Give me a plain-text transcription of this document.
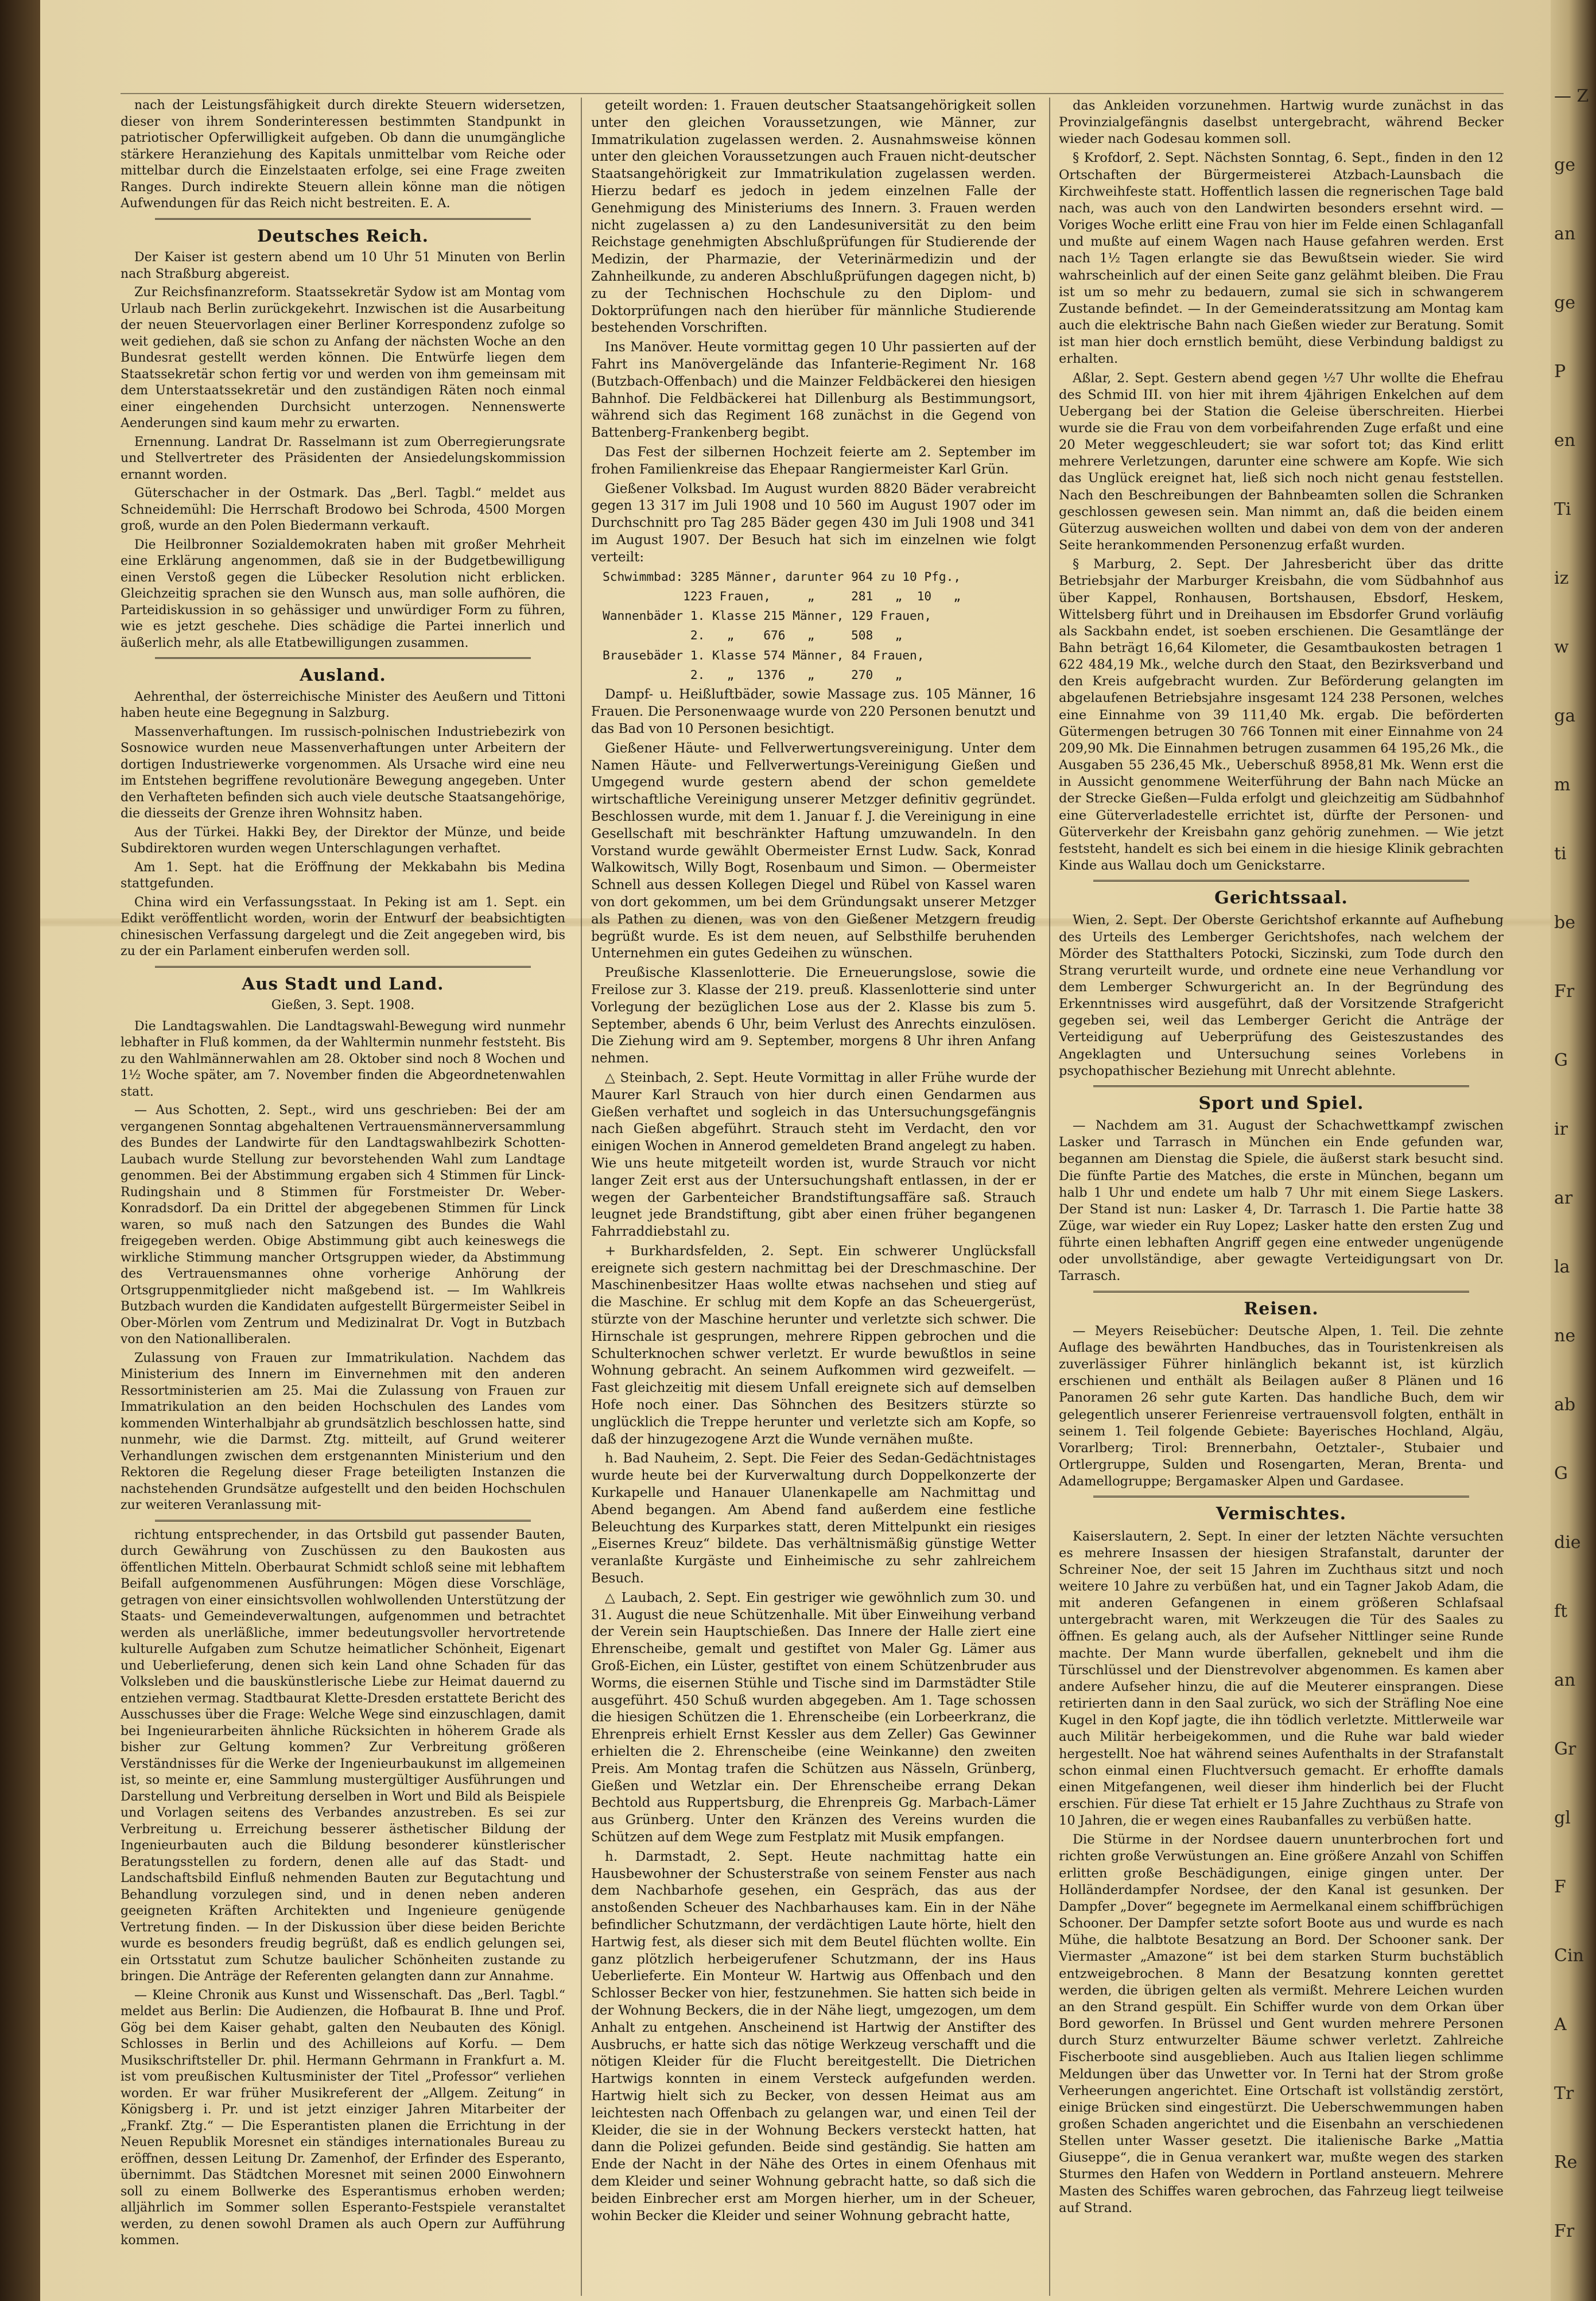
nach der Leistungsfähigkeit durch direkte Steuern widersetzen, dieser von ihrem Sonderinteressen bestimmten Standpunkt in patriotischer Opferwilligkeit aufgeben. Ob dann die unumgängliche stärkere Heranziehung des Kapitals unmittelbar vom Reiche oder mittelbar durch die Einzelstaaten erfolge, sei eine Frage zweiten Ranges. Durch indirekte Steuern allein könne man die nötigen Aufwendungen für das Reich nicht bestreiten. E. A.

Deutsches Reich.

Der Kaiser ist gestern abend um 10 Uhr 51 Minuten von Berlin nach Straßburg abgereist.

Zur Reichsfinanzreform. Staatssekretär Sydow ist am Montag vom Urlaub nach Berlin zurückgekehrt. Inzwischen ist die Ausarbeitung der neuen Steuervorlagen einer Berliner Korrespondenz zufolge so weit gediehen, daß sie schon zu Anfang der nächsten Woche an den Bundesrat gestellt werden können. Die Entwürfe liegen dem Staatssekretär schon fertig vor und werden von ihm gemeinsam mit dem Unterstaatssekretär und den zuständigen Räten noch einmal einer eingehenden Durchsicht unterzogen. Nennenswerte Aenderungen sind kaum mehr zu erwarten.

Ernennung. Landrat Dr. Rasselmann ist zum Oberregierungsrate und Stellvertreter des Präsidenten der Ansiedelungskommission ernannt worden.

Güterschacher in der Ostmark. Das „Berl. Tagbl.“ meldet aus Schneidemühl: Die Herrschaft Brodowo bei Schroda, 4500 Morgen groß, wurde an den Polen Biedermann verkauft.

Die Heilbronner Sozialdemokraten haben mit großer Mehrheit eine Erklärung angenommen, daß sie in der Budgetbewilligung einen Verstoß gegen die Lübecker Resolution nicht erblicken. Gleichzeitig sprachen sie den Wunsch aus, man solle aufhören, die Parteidiskussion in so gehässiger und unwürdiger Form zu führen, wie es jetzt geschehe. Dies schädige die Partei innerlich und äußerlich mehr, als alle Etatbewilligungen zusammen.

Ausland.

Aehrenthal, der österreichische Minister des Aeußern und Tittoni haben heute eine Begegnung in Salzburg.

Massenverhaftungen. Im russisch-polnischen Industriebezirk von Sosnowice wurden neue Massenverhaftungen unter Arbeitern der dortigen Industriewerke vorgenommen. Als Ursache wird eine neu im Entstehen begriffene revolutionäre Bewegung angegeben. Unter den Verhafteten befinden sich auch viele deutsche Staatsangehörige, die diesseits der Grenze ihren Wohnsitz haben.

Aus der Türkei. Hakki Bey, der Direktor der Münze, und beide Subdirektoren wurden wegen Unterschlagungen verhaftet.

Am 1. Sept. hat die Eröffnung der Mekkabahn bis Medina stattgefunden.

China wird ein Verfassungsstaat. In Peking ist am 1. Sept. ein Edikt veröffentlicht worden, worin der Entwurf der beabsichtigten chinesischen Verfassung dargelegt und die Zeit angegeben wird, bis zu der ein Parlament einberufen werden soll.

Aus Stadt und Land.
Gießen, 3. Sept. 1908.

Die Landtagswahlen. Die Landtagswahl-Bewegung wird nunmehr lebhafter in Fluß kommen, da der Wahltermin nunmehr feststeht. Bis zu den Wahlmännerwahlen am 28. Oktober sind noch 8 Wochen und 1½ Woche später, am 7. November finden die Abgeordnetenwahlen statt.

— Aus Schotten, 2. Sept., wird uns geschrieben: Bei der am vergangenen Sonntag abgehaltenen Vertrauensmännerversammlung des Bundes der Landwirte für den Landtagswahlbezirk Schotten-Laubach wurde Stellung zur bevorstehenden Wahl zum Landtage genommen. Bei der Abstimmung ergaben sich 4 Stimmen für Linck-Rudingshain und 8 Stimmen für Forstmeister Dr. Weber-Konradsdorf. Da ein Drittel der abgegebenen Stimmen für Linck waren, so muß nach den Satzungen des Bundes die Wahl freigegeben werden. Obige Abstimmung gibt auch keineswegs die wirkliche Stimmung mancher Ortsgruppen wieder, da Abstimmung des Vertrauensmannes ohne vorherige Anhörung der Ortsgruppenmitglieder nicht maßgebend ist. — Im Wahlkreis Butzbach wurden die Kandidaten aufgestellt Bürgermeister Seibel in Ober-Mörlen vom Zentrum und Medizinalrat Dr. Vogt in Butzbach von den Nationalliberalen.

Zulassung von Frauen zur Immatrikulation. Nachdem das Ministerium des Innern im Einvernehmen mit den anderen Ressortministerien am 25. Mai die Zulassung von Frauen zur Immatrikulation an den beiden Hochschulen des Landes vom kommenden Winterhalbjahr ab grundsätzlich beschlossen hatte, sind nunmehr, wie die Darmst. Ztg. mitteilt, auf Grund weiterer Verhandlungen zwischen dem erstgenannten Ministerium und den Rektoren die Regelung dieser Frage beteiligten Instanzen die nachstehenden Grundsätze aufgestellt und den beiden Hochschulen zur weiteren Veranlassung mit-

richtung entsprechender, in das Ortsbild gut passender Bauten, durch Gewährung von Zuschüssen zu den Baukosten aus öffentlichen Mitteln. Oberbaurat Schmidt schloß seine mit lebhaftem Beifall aufgenommenen Ausführungen: Mögen diese Vorschläge, getragen von einer einsichtsvollen wohlwollenden Unterstützung der Staats- und Gemeindeverwaltungen, aufgenommen und betrachtet werden als unerläßliche, immer bedeutungsvoller hervortretende kulturelle Aufgaben zum Schutze heimatlicher Schönheit, Eigenart und Ueberlieferung, denen sich kein Land ohne Schaden für das Volksleben und die bauskünstlerische Liebe zur Heimat dauernd zu entziehen vermag. Stadtbaurat Klette-Dresden erstattete Bericht des Ausschusses über die Frage: Welche Wege sind einzuschlagen, damit bei Ingenieurarbeiten ähnliche Rücksichten in höherem Grade als bisher zur Geltung kommen? Zur Verbreitung größeren Verständnisses für die Werke der Ingenieurbaukunst im allgemeinen ist, so meinte er, eine Sammlung mustergültiger Ausführungen und Darstellung und Verbreitung derselben in Wort und Bild als Beispiele und Vorlagen seitens des Verbandes anzustreben. Es sei zur Verbreitung u. Erreichung besserer ästhetischer Bildung der Ingenieurbauten auch die Bildung besonderer künstlerischer Beratungsstellen zu fordern, denen alle auf das Stadt- und Landschaftsbild Einfluß nehmenden Bauten zur Begutachtung und Behandlung vorzulegen sind, und in denen neben anderen geeigneten Kräften Architekten und Ingenieure genügende Vertretung finden. — In der Diskussion über diese beiden Berichte wurde es besonders freudig begrüßt, daß es endlich gelungen sei, ein Ortsstatut zum Schutze baulicher Schönheiten zustande zu bringen. Die Anträge der Referenten gelangten dann zur Annahme.

— Kleine Chronik aus Kunst und Wissenschaft. Das „Berl. Tagbl.“ meldet aus Berlin: Die Audienzen, die Hofbaurat B. Ihne und Prof. Gög bei dem Kaiser gehabt, galten den Neubauten des Königl. Schlosses in Berlin und des Achilleions auf Korfu. — Dem Musikschriftsteller Dr. phil. Hermann Gehrmann in Frankfurt a. M. ist vom preußischen Kultusminister der Titel „Professor“ verliehen worden. Er war früher Musikreferent der „Allgem. Zeitung“ in Königsberg i. Pr. und ist jetzt einziger Jahren Mitarbeiter der „Frankf. Ztg.“ — Die Esperantisten planen die Errichtung in der Neuen Republik Moresnet ein ständiges internationales Bureau zu eröffnen, dessen Leitung Dr. Zamenhof, der Erfinder des Esperanto, übernimmt. Das Städtchen Moresnet mit seinen 2000 Einwohnern soll zu einem Bollwerke des Esperantismus erhoben werden; alljährlich im Sommer sollen Esperanto-Festspiele veranstaltet werden, zu denen sowohl Dramen als auch Opern zur Aufführung kommen.

geteilt worden: 1. Frauen deutscher Staatsangehörigkeit sollen unter den gleichen Voraussetzungen, wie Männer, zur Immatrikulation zugelassen werden. 2. Ausnahmsweise können unter den gleichen Voraussetzungen auch Frauen nicht-deutscher Staatsangehörigkeit zur Immatrikulation zugelassen werden. Hierzu bedarf es jedoch in jedem einzelnen Falle der Genehmigung des Ministeriums des Innern. 3. Frauen werden nicht zugelassen a) zu den Landesuniversität zu den beim Reichstage genehmigten Abschlußprüfungen für Studierende der Medizin, der Pharmazie, der Veterinärmedizin und der Zahnheilkunde, zu anderen Abschlußprüfungen dagegen nicht, b) zu der Technischen Hochschule zu den Diplom- und Doktorprüfungen nach den hierüber für männliche Studierende bestehenden Vorschriften.

Ins Manöver. Heute vormittag gegen 10 Uhr passierten auf der Fahrt ins Manövergelände das Infanterie-Regiment Nr. 168 (Butzbach-Offenbach) und die Mainzer Feldbäckerei den hiesigen Bahnhof. Die Feldbäckerei hat Dillenburg als Bestimmungsort, während sich das Regiment 168 zunächst in die Gegend von Battenberg-Frankenberg begibt.

Das Fest der silbernen Hochzeit feierte am 2. September im frohen Familienkreise das Ehepaar Rangiermeister Karl Grün.

Gießener Volksbad. Im August wurden 8820 Bäder verabreicht gegen 13 317 im Juli 1908 und 10 560 im August 1907 oder im Durchschnitt pro Tag 285 Bäder gegen 430 im Juli 1908 und 341 im August 1907. Der Besuch hat sich im einzelnen wie folgt verteilt:

Schwimmbad: 3285 Männer, darunter 964 zu 10 Pfg.,
1223 Frauen,     „     281   „  10   „
Wannenbäder 1. Klasse 215 Männer, 129 Frauen,
2.   „    676   „     508   „
Brausebäder 1. Klasse 574 Männer, 84 Frauen,
2.   „   1376   „     270   „

Dampf- u. Heißluftbäder, sowie Massage zus. 105 Männer, 16 Frauen. Die Personenwaage wurde von 220 Personen benutzt und das Bad von 10 Personen besichtigt.

Gießener Häute- und Fellverwertungsvereinigung. Unter dem Namen Häute- und Fellverwertungs-Vereinigung Gießen und Umgegend wurde gestern abend der schon gemeldete wirtschaftliche Vereinigung unserer Metzger definitiv gegründet. Beschlossen wurde, mit dem 1. Januar f. J. die Vereinigung in eine Gesellschaft mit beschränkter Haftung umzuwandeln. In den Vorstand wurde gewählt Obermeister Ernst Ludw. Sack, Konrad Walkowitsch, Willy Bogt, Rosenbaum und Simon. — Obermeister Schnell aus dessen Kollegen Diegel und Rübel von Kassel waren von dort gekommen, um bei dem Gründungsakt unserer Metzger als Pathen zu dienen, was von den Gießener Metzgern freudig begrüßt wurde. Es ist dem neuen, auf Selbsthilfe beruhenden Unternehmen ein gutes Gedeihen zu wünschen.

Preußische Klassenlotterie. Die Erneuerungslose, sowie die Freilose zur 3. Klasse der 219. preuß. Klassenlotterie sind unter Vorlegung der bezüglichen Lose aus der 2. Klasse bis zum 5. September, abends 6 Uhr, beim Verlust des Anrechts einzulösen. Die Ziehung wird am 9. September, morgens 8 Uhr ihren Anfang nehmen.

△ Steinbach, 2. Sept. Heute Vormittag in aller Frühe wurde der Maurer Karl Strauch von hier durch einen Gendarmen aus Gießen verhaftet und sogleich in das Untersuchungsgefängnis nach Gießen abgeführt. Strauch steht im Verdacht, den vor einigen Wochen in Annerod gemeldeten Brand angelegt zu haben. Wie uns heute mitgeteilt worden ist, wurde Strauch vor nicht langer Zeit erst aus der Untersuchungshaft entlassen, in der er wegen der Garbenteicher Brandstiftungsaffäre saß. Strauch leugnet jede Brandstiftung, gibt aber einen früher begangenen Fahrraddiebstahl zu.

+ Burkhardsfelden, 2. Sept. Ein schwerer Unglücksfall ereignete sich gestern nachmittag bei der Dreschmaschine. Der Maschinenbesitzer Haas wollte etwas nachsehen und stieg auf die Maschine. Er schlug mit dem Kopfe an das Scheuergerüst, stürzte von der Maschine herunter und verletzte sich schwer. Die Hirnschale ist gesprungen, mehrere Rippen gebrochen und die Schulterknochen schwer verletzt. Er wurde bewußtlos in seine Wohnung gebracht. An seinem Aufkommen wird gezweifelt. — Fast gleichzeitig mit diesem Unfall ereignete sich auf demselben Hofe noch einer. Das Söhnchen des Besitzers stürzte so unglücklich die Treppe herunter und verletzte sich am Kopfe, so daß der hinzugezogene Arzt die Wunde vernähen mußte.

h. Bad Nauheim, 2. Sept. Die Feier des Sedan-Gedächtnistages wurde heute bei der Kurverwaltung durch Doppelkonzerte der Kurkapelle und Hanauer Ulanenkapelle am Nachmittag und Abend begangen. Am Abend fand außerdem eine festliche Beleuchtung des Kurparkes statt, deren Mittelpunkt ein riesiges „Eisernes Kreuz“ bildete. Das verhältnismäßig günstige Wetter veranlaßte Kurgäste und Einheimische zu sehr zahlreichem Besuch.

△ Laubach, 2. Sept. Ein gestriger wie gewöhnlich zum 30. und 31. August die neue Schützenhalle. Mit über Einweihung verband der Verein sein Hauptschießen. Das Innere der Halle ziert eine Ehrenscheibe, gemalt und gestiftet von Maler Gg. Lämer aus Groß-Eichen, ein Lüster, gestiftet von einem Schützenbruder aus Worms, die eisernen Stühle und Tische sind im Darmstädter Stile ausgeführt. 450 Schuß wurden abgegeben. Am 1. Tage schossen die hiesigen Schützen die 1. Ehrenscheibe (ein Lorbeerkranz, die Ehrenpreis erhielt Ernst Kessler aus dem Zeller) Gas Gewinner erhielten die 2. Ehrenscheibe (eine Weinkanne) den zweiten Preis. Am Montag trafen die Schützen aus Nässeln, Grünberg, Gießen und Wetzlar ein. Der Ehrenscheibe errang Dekan Bechtold aus Ruppertsburg, die Ehrenpreis Gg. Marbach-Lämer aus Grünberg. Unter den Kränzen des Vereins wurden die Schützen auf dem Wege zum Festplatz mit Musik empfangen.

h. Darmstadt, 2. Sept. Heute nachmittag hatte ein Hausbewohner der Schusterstraße von seinem Fenster aus nach dem Nachbarhofe gesehen, ein Gespräch, das aus der anstoßenden Scheuer des Nachbarhauses kam. Ein in der Nähe befindlicher Schutzmann, der verdächtigen Laute hörte, hielt den Hartwig fest, als dieser sich mit dem Beutel flüchten wollte. Ein ganz plötzlich herbeigerufener Schutzmann, der ins Haus Ueberlieferte. Ein Monteur W. Hartwig aus Offenbach und den Schlosser Becker von hier, festzunehmen. Sie hatten sich beide in der Wohnung Beckers, die in der Nähe liegt, umgezogen, um dem Anhalt zu entgehen. Anscheinend ist Hartwig der Anstifter des Ausbruchs, er hatte sich das nötige Werkzeug verschafft und die nötigen Kleider für die Flucht bereitgestellt. Die Dietrichen Hartwigs konnten in einem Versteck aufgefunden werden. Hartwig hielt sich zu Becker, von dessen Heimat aus am leichtesten nach Offenbach zu gelangen war, und einen Teil der Kleider, die sie in der Wohnung Beckers versteckt hatten, hat dann die Polizei gefunden. Beide sind geständig. Sie hatten am Ende der Nacht in der Nähe des Ortes in einem Ofenhaus mit dem Kleider und seiner Wohnung gebracht hatte, so daß sich die beiden Einbrecher erst am Morgen hierher, um in der Scheuer, wohin Becker die Kleider und seiner Wohnung gebracht hatte,

das Ankleiden vorzunehmen. Hartwig wurde zunächst in das Provinzialgefängnis daselbst untergebracht, während Becker wieder nach Godesau kommen soll.

§ Krofdorf, 2. Sept. Nächsten Sonntag, 6. Sept., finden in den 12 Ortschaften der Bürgermeisterei Atzbach-Launsbach die Kirchweihfeste statt. Hoffentlich lassen die regnerischen Tage bald nach, was auch von den Landwirten besonders ersehnt wird. — Voriges Woche erlitt eine Frau von hier im Felde einen Schlaganfall und mußte auf einem Wagen nach Hause gefahren werden. Erst nach 1½ Tagen erlangte sie das Bewußtsein wieder. Sie wird wahrscheinlich auf der einen Seite ganz gelähmt bleiben. Die Frau ist um so mehr zu bedauern, zumal sie sich in schwangerem Zustande befindet. — In der Gemeinderatssitzung am Montag kam auch die elektrische Bahn nach Gießen wieder zur Beratung. Somit ist man hier doch ernstlich bemüht, diese Verbindung baldigst zu erhalten.

Aßlar, 2. Sept. Gestern abend gegen ½7 Uhr wollte die Ehefrau des Schmid III. von hier mit ihrem 4jährigen Enkelchen auf dem Uebergang bei der Station die Geleise überschreiten. Hierbei wurde sie die Frau von dem vorbeifahrenden Zuge erfaßt und eine 20 Meter weggeschleudert; sie war sofort tot; das Kind erlitt mehrere Verletzungen, darunter eine schwere am Kopfe. Wie sich das Unglück ereignet hat, ließ sich noch nicht genau feststellen. Nach den Beschreibungen der Bahnbeamten sollen die Schranken geschlossen gewesen sein. Man nimmt an, daß die beiden einem Güterzug ausweichen wollten und dabei von dem von der anderen Seite herankommenden Personenzug erfaßt wurden.

§ Marburg, 2. Sept. Der Jahresbericht über das dritte Betriebsjahr der Marburger Kreisbahn, die vom Südbahnhof aus über Kappel, Ronhausen, Bortshausen, Ebsdorf, Heskem, Wittelsberg führt und in Dreihausen im Ebsdorfer Grund vorläufig als Sackbahn endet, ist soeben erschienen. Die Gesamtlänge der Bahn beträgt 16,64 Kilometer, die Gesamtbaukosten betragen 1 622 484,19 Mk., welche durch den Staat, den Bezirksverband und den Kreis aufgebracht wurden. Zur Beförderung gelangten im abgelaufenen Betriebsjahre insgesamt 124 238 Personen, welches eine Einnahme von 39 111,40 Mk. ergab. Die beförderten Gütermengen betrugen 30 766 Tonnen mit einer Einnahme von 24 209,90 Mk. Die Einnahmen betrugen zusammen 64 195,26 Mk., die Ausgaben 55 236,45 Mk., Ueberschuß 8958,81 Mk. Wenn erst die in Aussicht genommene Weiterführung der Bahn nach Mücke an der Strecke Gießen—Fulda erfolgt und gleichzeitig am Südbahnhof eine Güterverladestelle errichtet ist, dürfte der Personen- und Güterverkehr der Kreisbahn ganz gehörig zunehmen. — Wie jetzt feststeht, handelt es sich bei einem in die hiesige Klinik gebrachten Kinde aus Wallau doch um Genickstarre.

Gerichtssaal.

Wien, 2. Sept. Der Oberste Gerichtshof erkannte auf Aufhebung des Urteils des Lemberger Gerichtshofes, nach welchem der Mörder des Statthalters Potocki, Siczinski, zum Tode durch den Strang verurteilt wurde, und ordnete eine neue Verhandlung vor dem Lemberger Schwurgericht an. In der Begründung des Erkenntnisses wird ausgeführt, daß der Vorsitzende Strafgericht gegeben sei, weil das Lemberger Gericht die Anträge der Verteidigung auf Ueberprüfung des Geisteszustandes des Angeklagten und Untersuchung seines Vorlebens in psychopathischer Beziehung mit Unrecht ablehnte.

Sport und Spiel.

— Nachdem am 31. August der Schachwettkampf zwischen Lasker und Tarrasch in München ein Ende gefunden war, begannen am Dienstag die Spiele, die äußerst stark besucht sind. Die fünfte Partie des Matches, die erste in München, begann um halb 1 Uhr und endete um halb 7 Uhr mit einem Siege Laskers. Der Stand ist nun: Lasker 4, Dr. Tarrasch 1. Die Partie hatte 38 Züge, war wieder ein Ruy Lopez; Lasker hatte den ersten Zug und führte einen lebhaften Angriff gegen eine entweder ungenügende oder unvollständige, aber gewagte Verteidigungsart von Dr. Tarrasch.

Reisen.

— Meyers Reisebücher: Deutsche Alpen, 1. Teil. Die zehnte Auflage des bewährten Handbuches, das in Touristenkreisen als zuverlässiger Führer hinlänglich bekannt ist, ist kürzlich erschienen und enthält als Beilagen außer 8 Plänen und 16 Panoramen 26 sehr gute Karten. Das handliche Buch, dem wir gelegentlich unserer Ferienreise vertrauensvoll folgten, enthält in seinem 1. Teil folgende Gebiete: Bayerisches Hochland, Algäu, Vorarlberg; Tirol: Brennerbahn, Oetztaler-, Stubaier und Ortlergruppe, Sulden und Rosengarten, Meran, Brenta- und Adamellogruppe; Bergamasker Alpen und Gardasee.

Vermischtes.

Kaiserslautern, 2. Sept. In einer der letzten Nächte versuchten es mehrere Insassen der hiesigen Strafanstalt, darunter der Schreiner Noe, der seit 15 Jahren im Zuchthaus sitzt und noch weitere 10 Jahre zu verbüßen hat, und ein Tagner Jakob Adam, die mit anderen Gefangenen in einem größeren Schlafsaal untergebracht waren, mit Werkzeugen die Tür des Saales zu öffnen. Es gelang auch, als der Aufseher Nittlinger seine Runde machte. Der Mann wurde überfallen, geknebelt und ihm die Türschlüssel und der Dienstrevolver abgenommen. Es kamen aber andere Aufseher hinzu, die auf die Meuterer einsprangen. Diese retirierten dann in den Saal zurück, wo sich der Sträfling Noe eine Kugel in den Kopf jagte, die ihn tödlich verletzte. Mittlerweile war auch Militär herbeigekommen, und die Ruhe war bald wieder hergestellt. Noe hat während seines Aufenthalts in der Strafanstalt schon einmal einen Fluchtversuch gemacht. Er erhoffte damals einen Mitgefangenen, weil dieser ihm hinderlich bei der Flucht erschien. Für diese Tat erhielt er 15 Jahre Zuchthaus zu Strafe von 10 Jahren, die er wegen eines Raubanfalles zu verbüßen hatte.

Die Stürme in der Nordsee dauern ununterbrochen fort und richten große Verwüstungen an. Eine größere Anzahl von Schiffen erlitten große Beschädigungen, einige gingen unter. Der Holländerdampfer Nordsee, der den Kanal ist gesunken. Der Dampfer „Dover“ begegnete im Aermelkanal einem schiffbrüchigen Schooner. Der Dampfer setzte sofort Boote aus und wurde es nach Mühe, die halbtote Besatzung an Bord. Der Schooner sank. Der Viermaster „Amazone“ ist bei dem starken Sturm buchstäblich entzweigebrochen. 8 Mann der Besatzung konnten gerettet werden, die übrigen gelten als vermißt. Mehrere Leichen wurden an den Strand gespült. Ein Schiffer wurde von dem Orkan über Bord geworfen. In Brüssel und Gent wurden mehrere Personen durch Sturz entwurzelter Bäume schwer verletzt. Zahlreiche Fischerboote sind ausgeblieben. Auch aus Italien liegen schlimme Meldungen über das Unwetter vor. In Terni hat der Strom große Verheerungen angerichtet. Eine Ortschaft ist vollständig zerstört, einige Brücken sind eingestürzt. Die Ueberschwemmungen haben großen Schaden angerichtet und die Eisenbahn an verschiedenen Stellen unter Wasser gesetzt. Die italienische Barke „Mattia Giuseppe“, die in Genua verankert war, mußte wegen des starken Sturmes den Hafen von Weddern in Portland ansteuern. Mehrere Masten des Schiffes waren gebrochen, das Fahrzeug liegt teilweise auf Strand.

— Z
ge
an
ge
P
en
Ti
iz
w
ga
m
ti
be
Fr
G
ir
ar
la
ne
ab
G
die
ft
an
Gr
gl
F
Cin
A
Tr
Re
Fr
